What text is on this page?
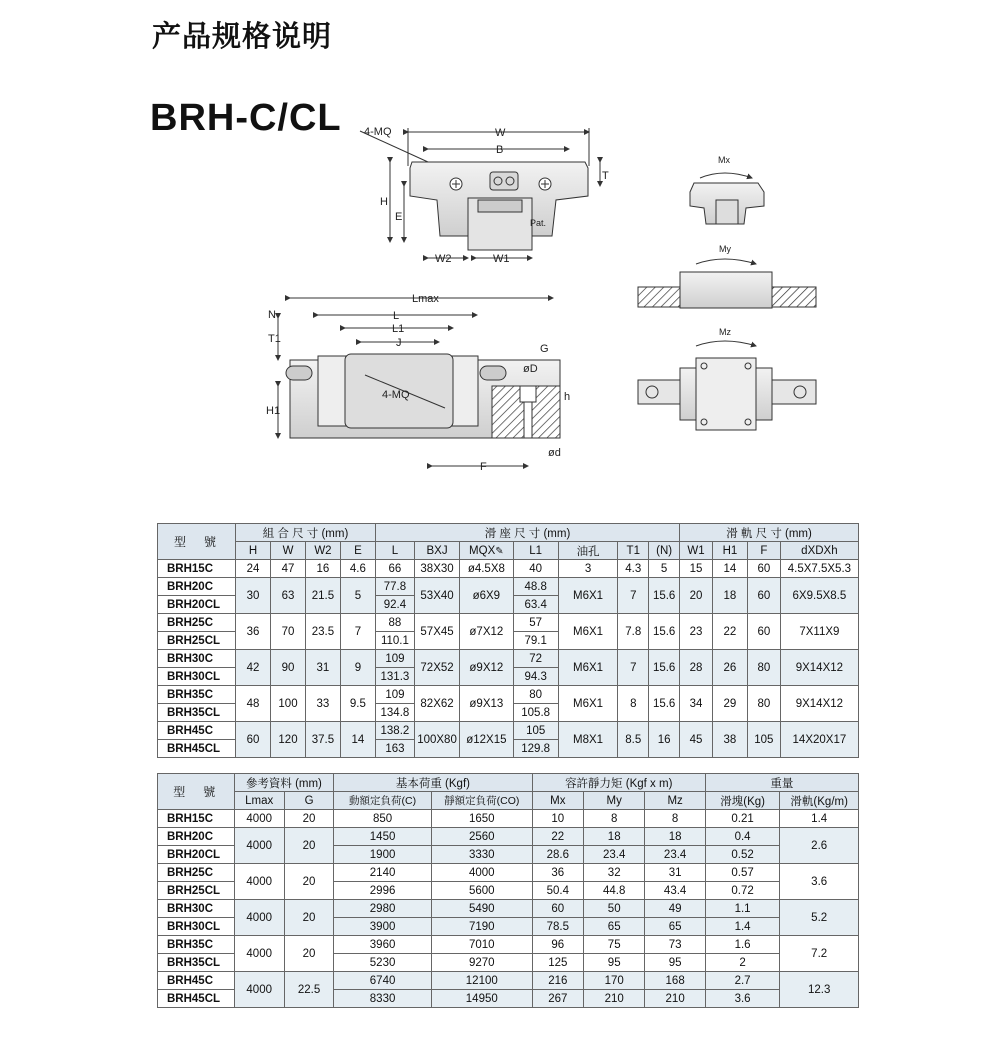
产品规格说明
BRH-C/CL 4-MQ	W
B
T
H
E
W2	W1
Pat.
Lmax
L
L1
J
N
T1
H1
G
øD
h
ød
F
4-MQ
Mx
My
Mz
型　號	組 合 尺 寸 (mm)				滑 座 尺 寸 (mm)							滑 軌 尺 寸 (mm)			
	H	W	W2	E	L	BXJ	MQX✎	L1	油孔	T1	(N)	W1	H1	F	dXDXh
BRH15C	24	47	16	4.6	66	38X30	ø4.5X8	40	3	4.3	5	15	14	60	4.5X7.5X5.3
BRH20C	30	63	21.5	5	77.8	53X40	ø6X9	48.8	M6X1	7	15.6	20	18	60	6X9.5X8.5
BRH20CL					92.4			63.4							
BRH25C	36	70	23.5	7	88	57X45	ø7X12	57	M6X1	7.8	15.6	23	22	60	7X11X9
BRH25CL					110.1			79.1							
BRH30C	42	90	31	9	109	72X52	ø9X12	72	M6X1	7	15.6	28	26	80	9X14X12
BRH30CL					131.3			94.3							
BRH35C	48	100	33	9.5	109	82X62	ø9X13	80	M6X1	8	15.6	34	29	80	9X14X12
BRH35CL					134.8			105.8							
BRH45C	60	120	37.5	14	138.2	100X80	ø12X15	105	M8X1	8.5	16	45	38	105	14X20X17
BRH45CL					163			129.8							
型　號	參考資料 (mm)		基本荷重 (Kgf)		容許靜力矩 (Kgf x m)			重量	
	Lmax	G	動額定負荷(C)	靜額定負荷(CO)	Mx	My	Mz	滑塊(Kg)	滑軌(Kg/m)
BRH15C	4000	20	850	1650	10	8	8	0.21	1.4
BRH20C	4000	20	1450	2560	22	18	18	0.4	2.6
BRH20CL			1900	3330	28.6	23.4	23.4	0.52	
BRH25C	4000	20	2140	4000	36	32	31	0.57	3.6
BRH25CL			2996	5600	50.4	44.8	43.4	0.72	
BRH30C	4000	20	2980	5490	60	50	49	1.1	5.2
BRH30CL			3900	7190	78.5	65	65	1.4	
BRH35C	4000	20	3960	7010	96	75	73	1.6	7.2
BRH35CL			5230	9270	125	95	95	2	
BRH45C	4000	22.5	6740	12100	216	170	168	2.7	12.3
BRH45CL			8330	14950	267	210	210	3.6	
